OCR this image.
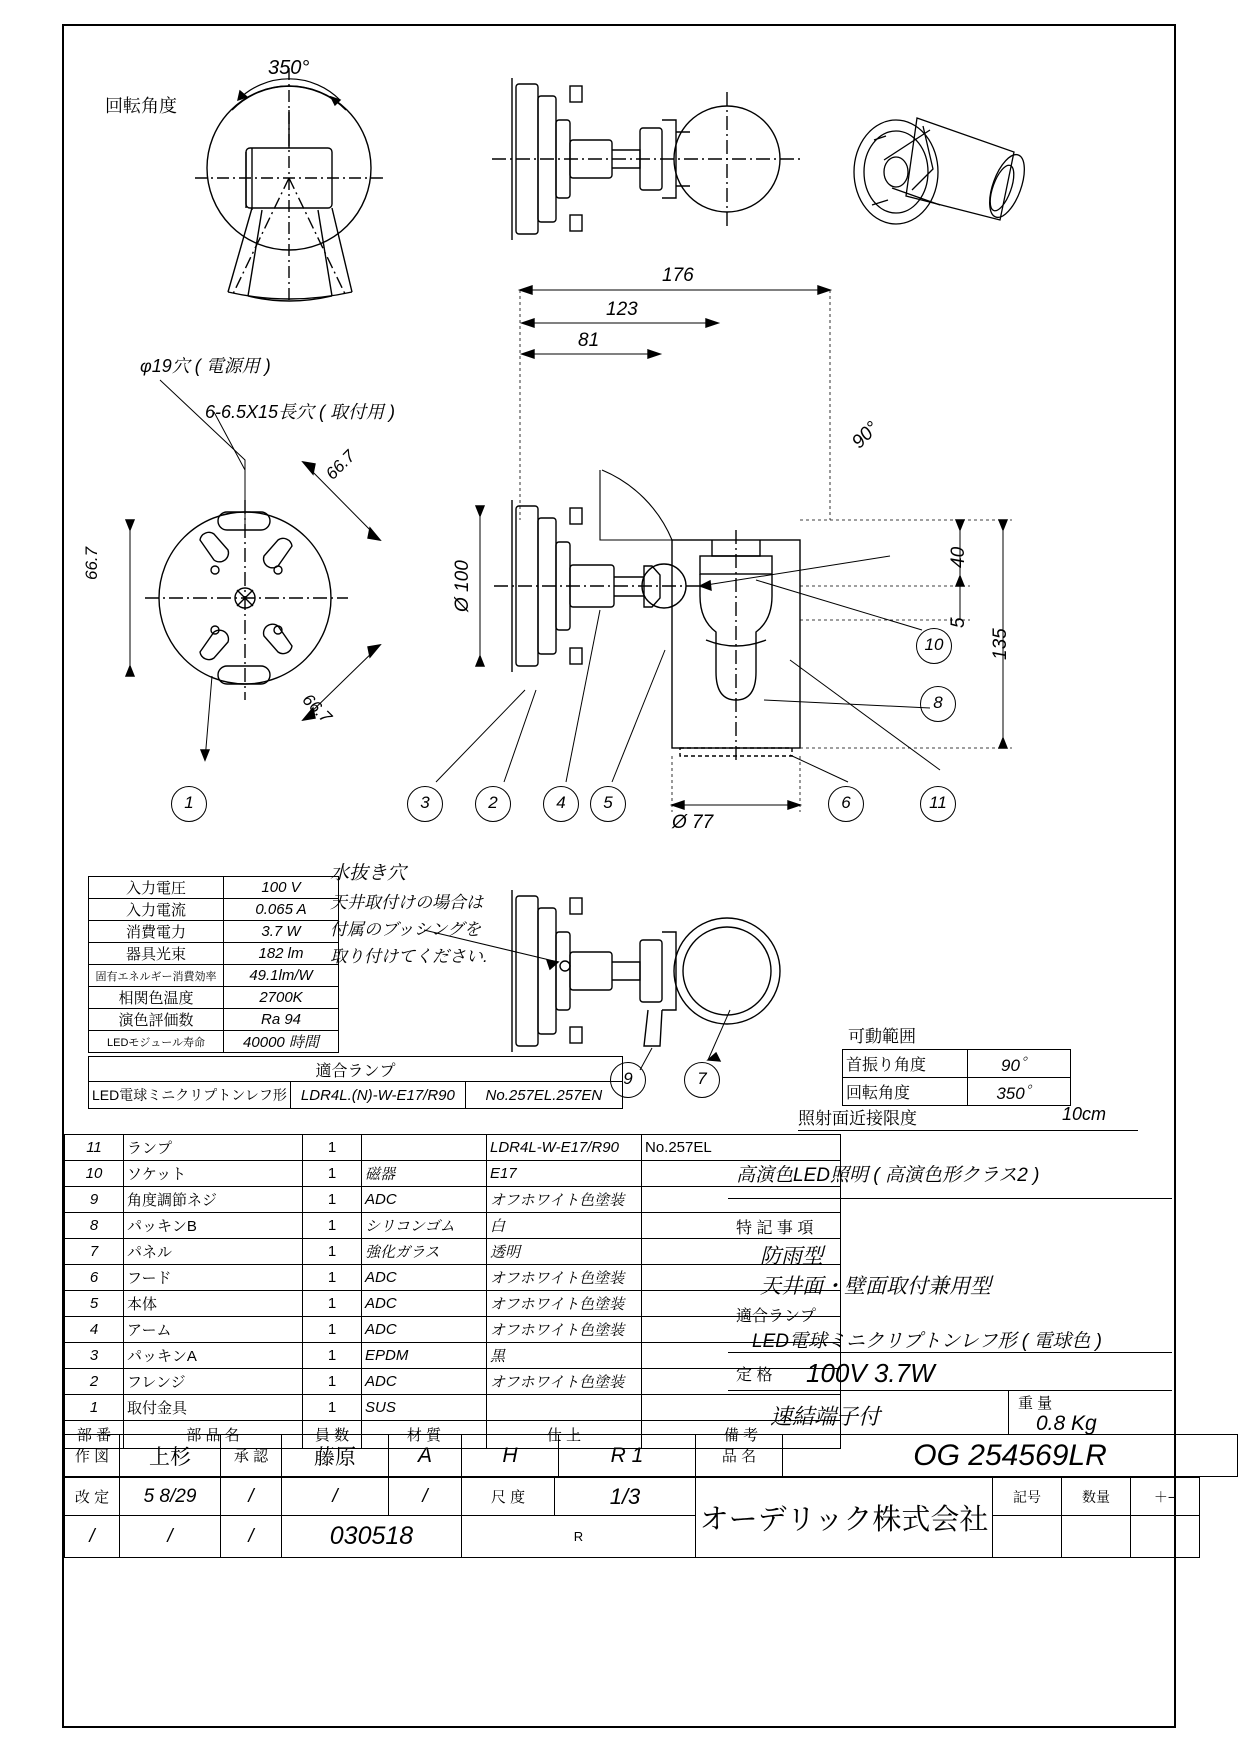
回転角度
350°
φ19穴 ( 電源用 )
6-6.5X15長穴 ( 取付用 )
66.7
66.7
66.7
176
123
81
Ø 100
Ø 77
135
40
5
90°
水抜き穴
天井取付けの場合は
付属のブッシングを
取り付けてください.
1	2
3	4	5	6
7
8
9
10
11
入力電圧	100 V
入力電流	0.065 A
消費電力	3.7 W
器具光束	182 lm
固有エネルギー消費効率	49.1lm/W
相関色温度	2700K
演色評価数	Ra 94
LEDモジュール寿命	40000 時間
適合ランプ
LED電球ミニクリプトンレフ形	LDR4L.(N)-W-E17/R90	No.257EL.257EN
可動範囲
首振り角度	90゜
回転角度	350゜
照射面近接限度	10cm
高演色LED照明 ( 高演色形クラス2 )
特 記 事 項
防雨型
天井面・壁面取付兼用型
適合ランプ
LED電球ミニクリプトンレフ形 ( 電球色 )
定 格 100V 3.7W
速結端子付
重 量
0.8 Kg
11	ランプ	1		LDR4L-W-E17/R90	No.257EL
10	ソケット	1	磁器	E17	
9	角度調節ネジ	1	ADC	オフホワイト色塗装	
8	パッキンB	1	シリコンゴム	白	
7	パネル	1	強化ガラス	透明	
6	フード	1	ADC	オフホワイト色塗装	
5	本体	1	ADC	オフホワイト色塗装	
4	アーム	1	ADC	オフホワイト色塗装	
3	パッキンA	1	EPDM	黒	
2	フレンジ	1	ADC	オフホワイト色塗装	
1	取付金具	1	SUS		
部 番	部 品 名	員 数	材 質	仕 上	備 考
作 図	上杉	承 認	藤原	A	H	R 1	品 名	OG 254569LR
改 定	5 8/29	/	/	/	尺 度	1/3	オーデリック株式会社	記号	数量	＋−
/	/	/	030518		R					
